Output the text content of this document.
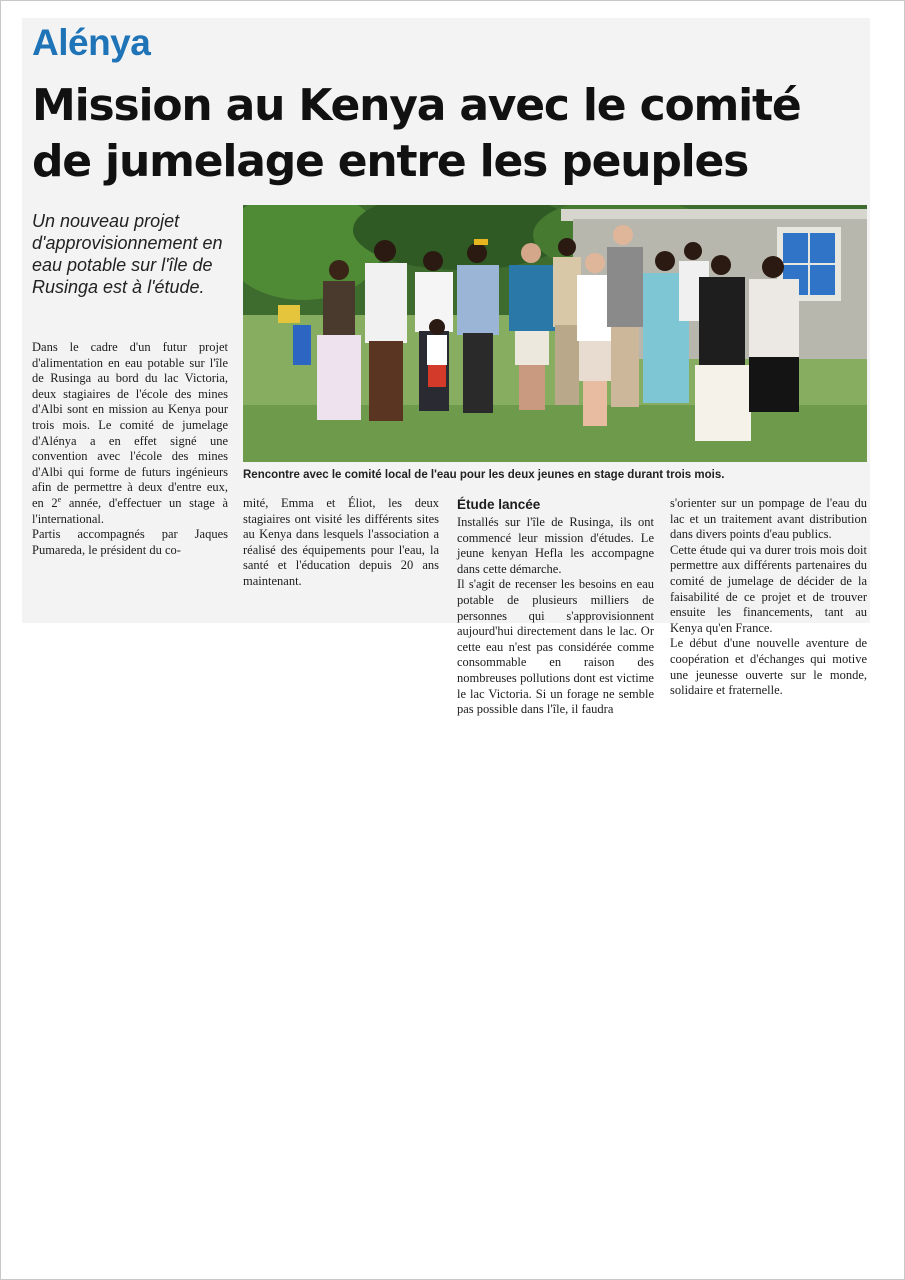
Alénya
Mission au Kenya avec le comité de jumelage entre les peuples
Un nouveau projet d'approvisionnement en eau potable sur l'île de Rusinga est à l'étude.
Rencontre avec le comité local de l'eau pour les deux jeunes en stage durant trois mois.

Dans le cadre d'un futur projet d'alimentation en eau potable sur l'île de Rusinga au bord du lac Victoria, deux stagiaires de l'école des mines d'Albi sont en mission au Kenya pour trois mois. Le comité de jumelage d'Alénya a en effet signé une convention avec l'école des mines d'Albi qui forme de futurs ingénieurs afin de permettre à deux d'entre eux, en 2e année, d'effectuer un stage à l'international.

Partis accompagnés par Jaques Pumareda, le président du co-

mité, Emma et Éliot, les deux stagiaires ont visité les différents sites au Kenya dans lesquels l'association a réalisé des équipements pour l'eau, la santé et l'éducation depuis 20 ans maintenant.

Étude lancée

Installés sur l'île de Rusinga, ils ont commencé leur mission d'études. Le jeune kenyan Hefla les accompagne dans cette démarche.

Il s'agit de recenser les besoins en eau potable de plusieurs milliers de personnes qui s'approvisionnent aujourd'hui directement dans le lac. Or cette eau n'est pas considérée comme consommable en raison des nombreuses pollutions dont est victime le lac Victoria. Si un forage ne semble pas possible dans l'île, il faudra

s'orienter sur un pompage de l'eau du lac et un traitement avant distribution dans divers points d'eau publics.

Cette étude qui va durer trois mois doit permettre aux différents partenaires du comité de jumelage de décider de la faisabilité de ce projet et de trouver ensuite les financements, tant au Kenya qu'en France.

Le début d'une nouvelle aventure de coopération et d'échanges qui motive une jeunesse ouverte sur le monde, solidaire et fraternelle.
